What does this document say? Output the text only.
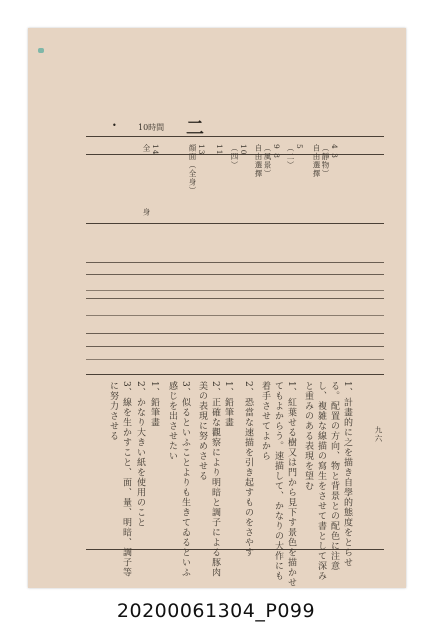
•	10時間 二
4 3
（靜物）
自由選擇
5
（二）
9 8
（風景）
自由選擇
10
（四）
11
13
顔面（全身）
14
全
身
1、計畫的に之を描き自學的態度をとらせ
る。配置の方向、物と背景との配色に注意
し、複雑な線描の寫生をさせて書として深み
と重みのある表現を望む
1、紅葉せる樹又は門から見下す景色を描かせ
てもよからう。速描して、かなりの大作にも
着手させてよから
2、恐當な速描を引き起すものをさやす
1、鉛筆畫
2、正確な觀察により明暗と調子による豚肉
美の表現に努めさせる
3、似るといふことよりも生きてゐるといふ
感じを出させたい
1、鉛筆畫
2、かなり大きい紙を使用のこと
3、線を生かすこと、面、量、明暗、調子等
に努力させる	九六
20200061304_P099
